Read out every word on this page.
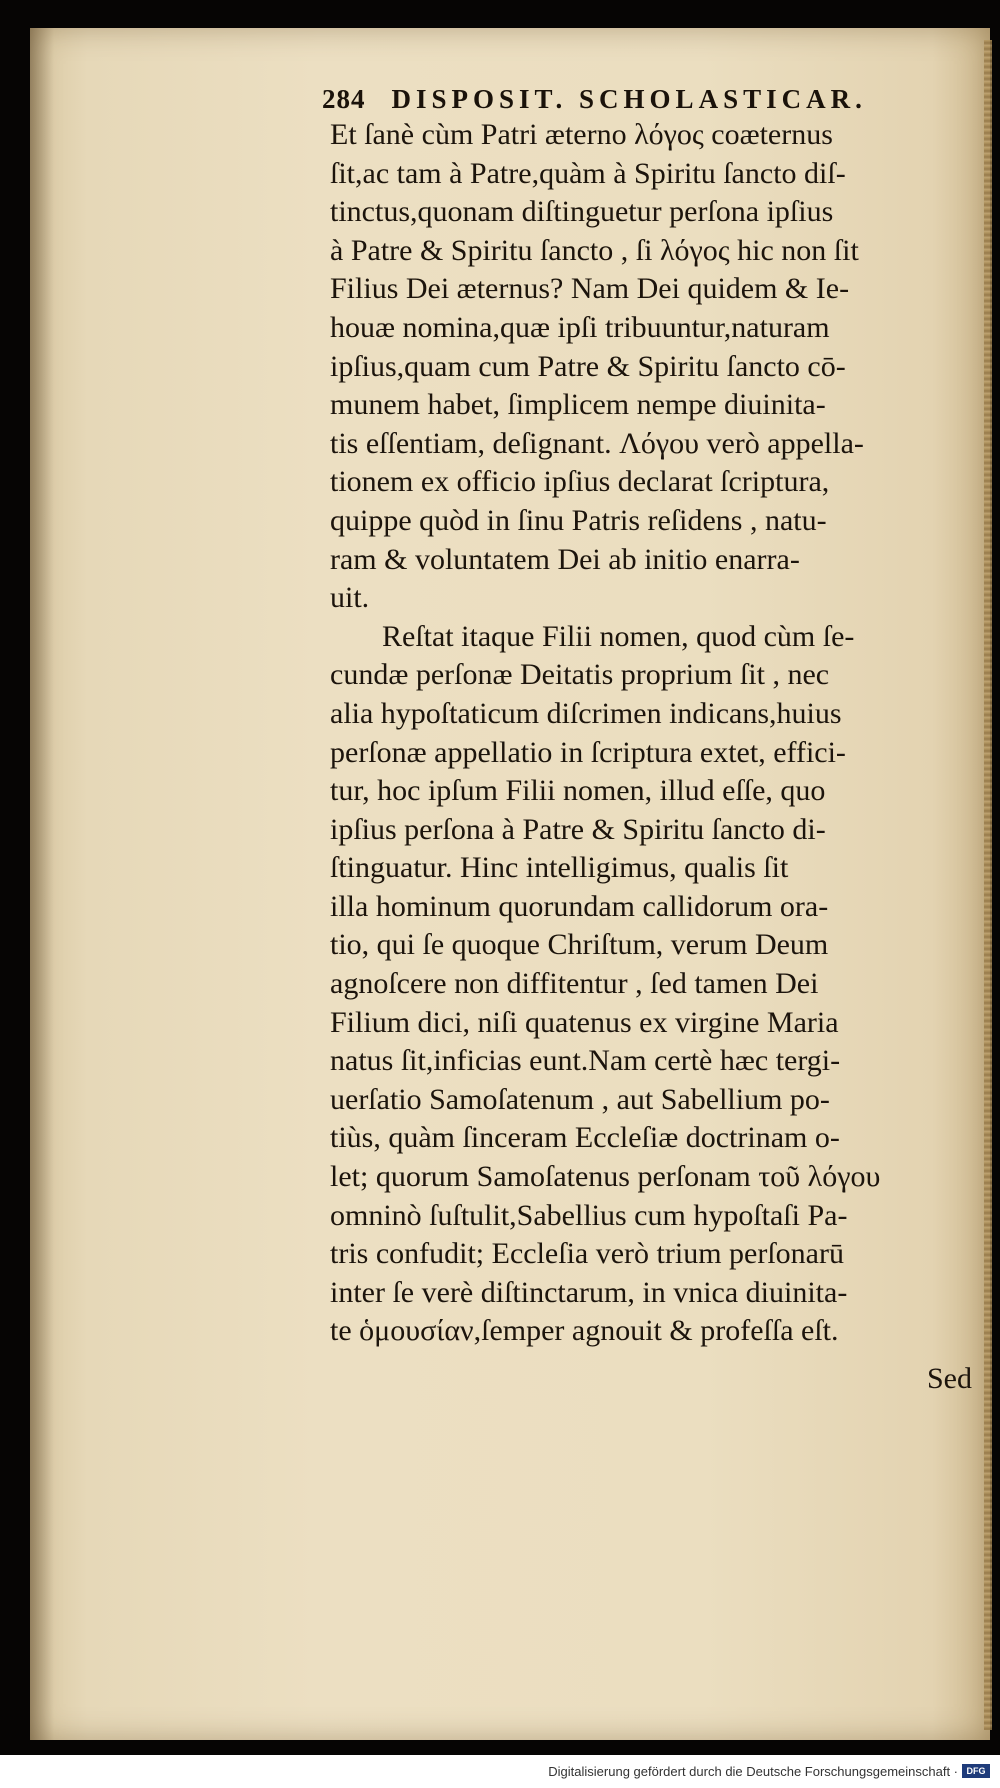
284 DISPOSIT. SCHOLASTICAR.
Et ſanè cùm Patri æterno λόγος coæternus
ſit,ac tam à Patre,quàm à Spiritu ſancto diſ-
tinctus,quonam diſtinguetur perſona ipſius
à Patre & Spiritu ſancto , ſi λόγος hic non ſit
Filius Dei æternus? Nam Dei quidem & Ie-
houæ nomina,quæ ipſi tribuuntur,naturam
ipſius,quam cum Patre & Spiritu ſancto cō-
munem habet, ſimplicem nempe diuinita-
tis eſſentiam, deſignant. Λόγου verò appella-
tionem ex officio ipſius declarat ſcriptura,
quippe quòd in ſinu Patris reſidens , natu-
ram & voluntatem Dei ab initio enarra-
uit.
Reſtat itaque Filii nomen, quod cùm ſe-
cundæ perſonæ Deitatis proprium ſit , nec
alia hypoſtaticum diſcrimen indicans,huius
perſonæ appellatio in ſcriptura extet, effici-
tur, hoc ipſum Filii nomen, illud eſſe, quo
ipſius perſona à Patre & Spiritu ſancto di-
ſtinguatur. Hinc intelligimus, qualis ſit
illa hominum quorundam callidorum ora-
tio, qui ſe quoque Chriſtum, verum Deum
agnoſcere non diffitentur , ſed tamen Dei
Filium dici, niſi quatenus ex virgine Maria
natus ſit,inficias eunt.Nam certè hæc tergi-
uerſatio Samoſatenum , aut Sabellium po-
tiùs, quàm ſinceram Eccleſiæ doctrinam o-
let; quorum Samoſatenus perſonam τοῦ λόγου
omninò ſuſtulit,Sabellius cum hypoſtaſi Pa-
tris confudit; Eccleſia verò trium perſonarū
inter ſe verè diſtinctarum, in vnica diuinita-
te ὁμουσίαν,ſemper agnouit & profeſſa eſt.
Sed
Digitalisierung gefördert durch die Deutsche Forschungsgemeinschaft · DFG
